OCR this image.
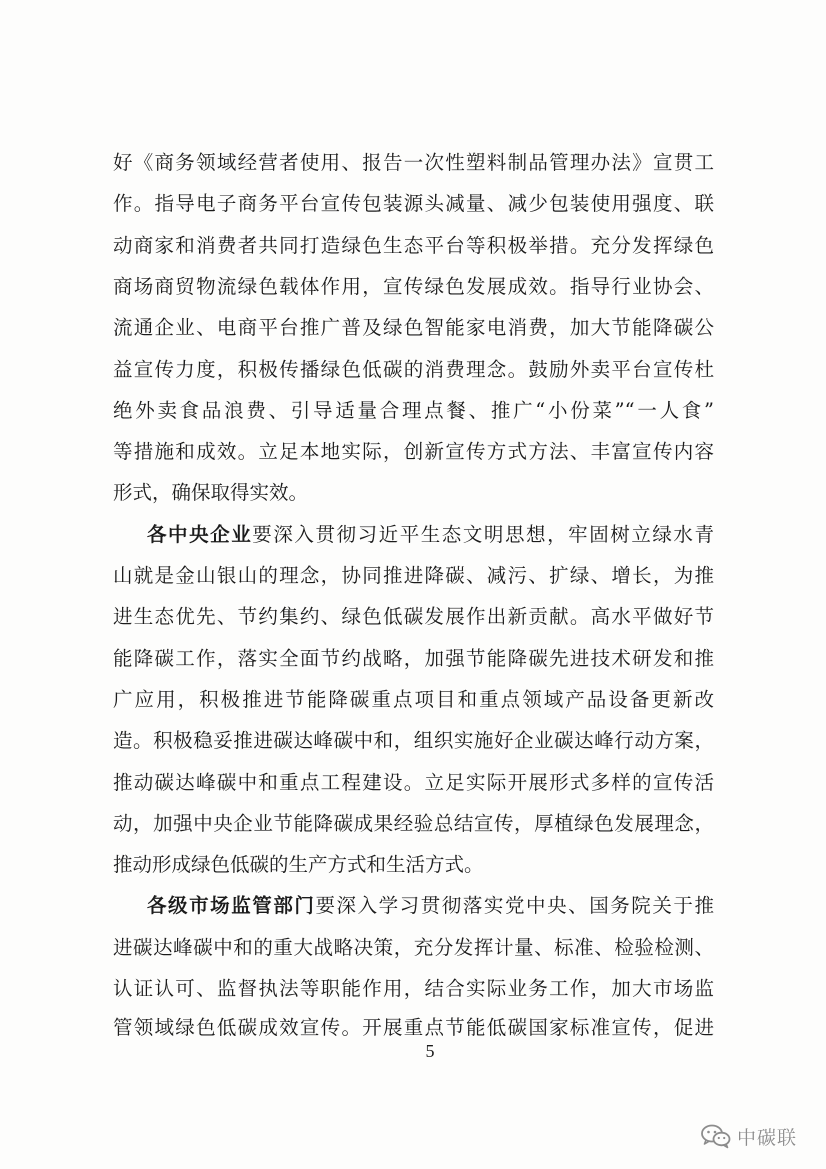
好《商务领域经营者使用、报告一次性塑料制品管理办法》宣贯工
作。指导电子商务平台宣传包装源头减量、减少包装使用强度、联
动商家和消费者共同打造绿色生态平台等积极举措。充分发挥绿色
商场商贸物流绿色载体作用，宣传绿色发展成效。指导行业协会、
流通企业、电商平台推广普及绿色智能家电消费，加大节能降碳公
益宣传力度，积极传播绿色低碳的消费理念。鼓励外卖平台宣传杜
绝外卖食品浪费、引导适量合理点餐、推广“小份菜”“一人食”
等措施和成效。立足本地实际，创新宣传方式方法、丰富宣传内容
形式，确保取得实效。
各中央企业要深入贯彻习近平生态文明思想，牢固树立绿水青
山就是金山银山的理念，协同推进降碳、减污、扩绿、增长，为推
进生态优先、节约集约、绿色低碳发展作出新贡献。高水平做好节
能降碳工作，落实全面节约战略，加强节能降碳先进技术研发和推
广应用，积极推进节能降碳重点项目和重点领域产品设备更新改
造。积极稳妥推进碳达峰碳中和，组织实施好企业碳达峰行动方案，
推动碳达峰碳中和重点工程建设。立足实际开展形式多样的宣传活
动，加强中央企业节能降碳成果经验总结宣传，厚植绿色发展理念，
推动形成绿色低碳的生产方式和生活方式。
各级市场监管部门要深入学习贯彻落实党中央、国务院关于推
进碳达峰碳中和的重大战略决策，充分发挥计量、标准、检验检测、
认证认可、监督执法等职能作用，结合实际业务工作，加大市场监
管领域绿色低碳成效宣传。开展重点节能低碳国家标准宣传，促进
5
中碳联
